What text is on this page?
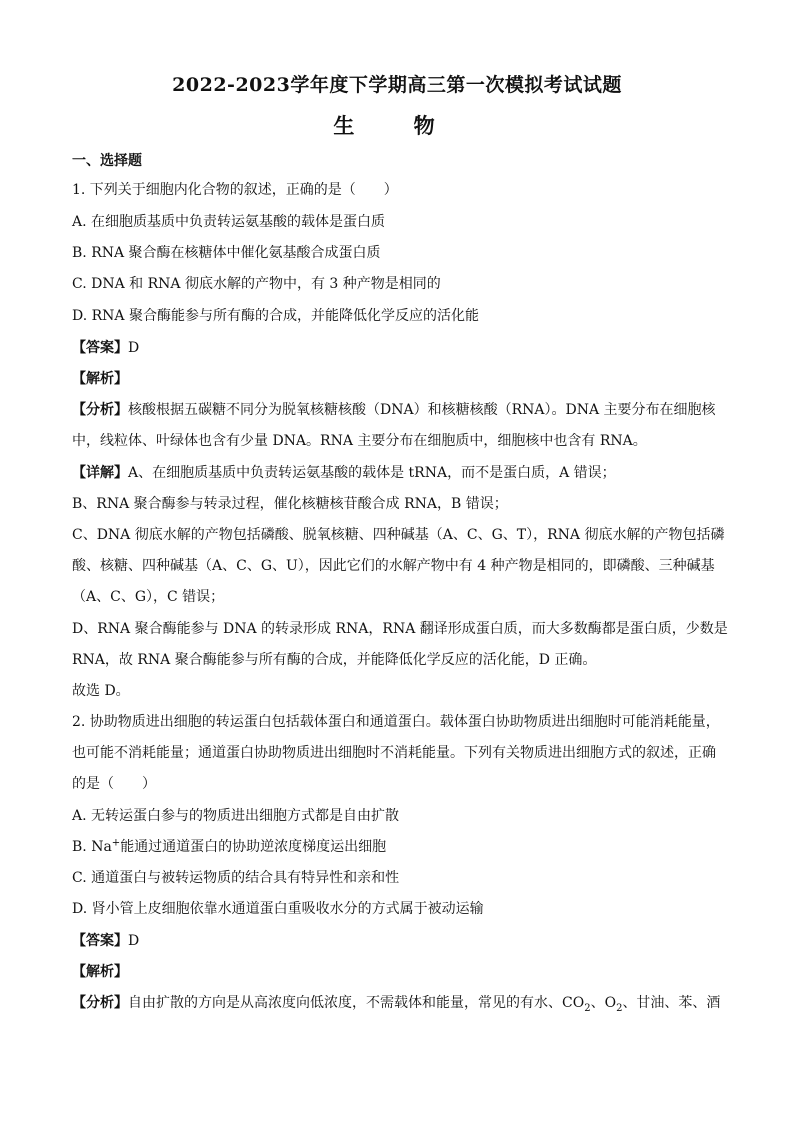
2022-2023学年度下学期高三第一次模拟考试试题
生 物
一、选择题
1. 下列关于细胞内化合物的叙述，正确的是（　　）
A. 在细胞质基质中负责转运氨基酸的载体是蛋白质
B. RNA 聚合酶在核糖体中催化氨基酸合成蛋白质
C. DNA 和 RNA 彻底水解的产物中，有 3 种产物是相同的
D. RNA 聚合酶能参与所有酶的合成，并能降低化学反应的活化能
【答案】D
【解析】
【分析】核酸根据五碳糖不同分为脱氧核糖核酸（DNA）和核糖核酸（RNA）。DNA 主要分布在细胞核
中，线粒体、叶绿体也含有少量 DNA。RNA 主要分布在细胞质中，细胞核中也含有 RNA。
【详解】A、在细胞质基质中负责转运氨基酸的载体是 tRNA，而不是蛋白质，A 错误；
B、RNA 聚合酶参与转录过程，催化核糖核苷酸合成 RNA，B 错误；
C、DNA 彻底水解的产物包括磷酸、脱氧核糖、四种碱基（A、C、G、T），RNA 彻底水解的产物包括磷
酸、核糖、四种碱基（A、C、G、U），因此它们的水解产物中有 4 种产物是相同的，即磷酸、三种碱基
（A、C、G），C 错误；
D、RNA 聚合酶能参与 DNA 的转录形成 RNA，RNA 翻译形成蛋白质，而大多数酶都是蛋白质，少数是
RNA，故 RNA 聚合酶能参与所有酶的合成，并能降低化学反应的活化能，D 正确。
故选 D。
2. 协助物质进出细胞的转运蛋白包括载体蛋白和通道蛋白。载体蛋白协助物质进出细胞时可能消耗能量，
也可能不消耗能量；通道蛋白协助物质进出细胞时不消耗能量。下列有关物质进出细胞方式的叙述，正确
的是（　　）
A. 无转运蛋白参与的物质进出细胞方式都是自由扩散
B. Na+能通过通道蛋白的协助逆浓度梯度运出细胞
C. 通道蛋白与被转运物质的结合具有特异性和亲和性
D. 肾小管上皮细胞依靠水通道蛋白重吸收水分的方式属于被动运输
【答案】D
【解析】
【分析】自由扩散的方向是从高浓度向低浓度，不需载体和能量，常见的有水、$CO_2$、$O_2$、甘油、苯、酒
